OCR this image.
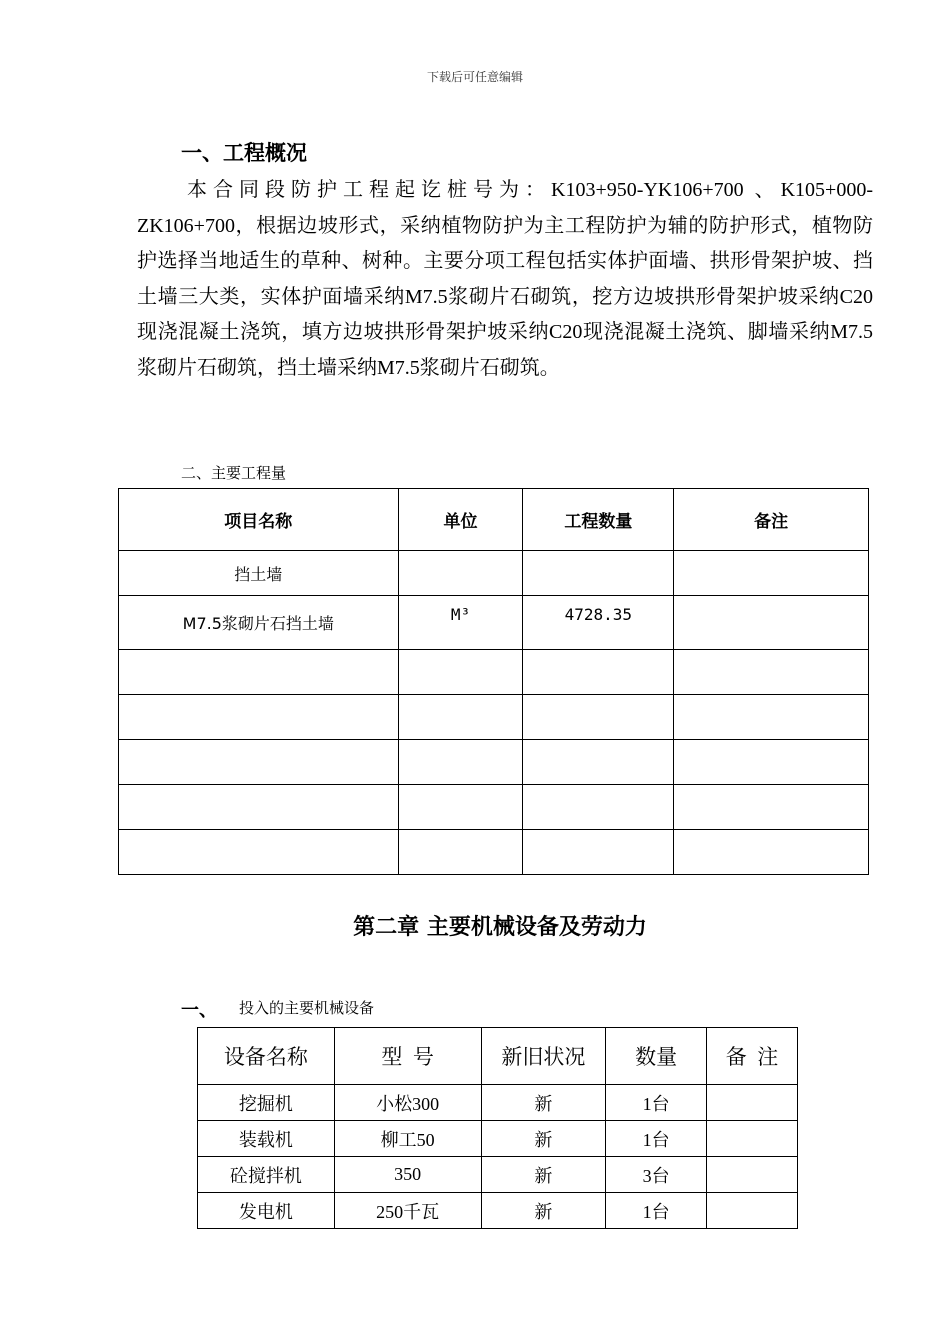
下载后可任意编辑
一、工程概况
本合同段防护工程起讫桩号为：K103+950-YK106+700 、K105+000-ZK106+700，根据边坡形式，采纳植物防护为主工程防护为辅的防护形式，植物防护选择当地适生的草种、树种。主要分项工程包括实体护面墙、拱形骨架护坡、挡土墙三大类，实体护面墙采纳M7.5浆砌片石砌筑，挖方边坡拱形骨架护坡采纳C20现浇混凝土浇筑，填方边坡拱形骨架护坡采纳C20现浇混凝土浇筑、脚墙采纳M7.5浆砌片石砌筑，挡土墙采纳M7.5浆砌片石砌筑。
二、主要工程量
项目名称	单位	工程数量	备注
挡土墙			
M7.5浆砌片石挡土墙	M³	4728.35	

第二章 主要机械设备及劳动力
一、 投入的主要机械设备
设备名称	型  号	新旧状况	数量	备  注
挖掘机	小松300	新	1台	
装载机	柳工50	新	1台	
砼搅拌机	350	新	3台	
发电机	250千瓦	新	1台	
